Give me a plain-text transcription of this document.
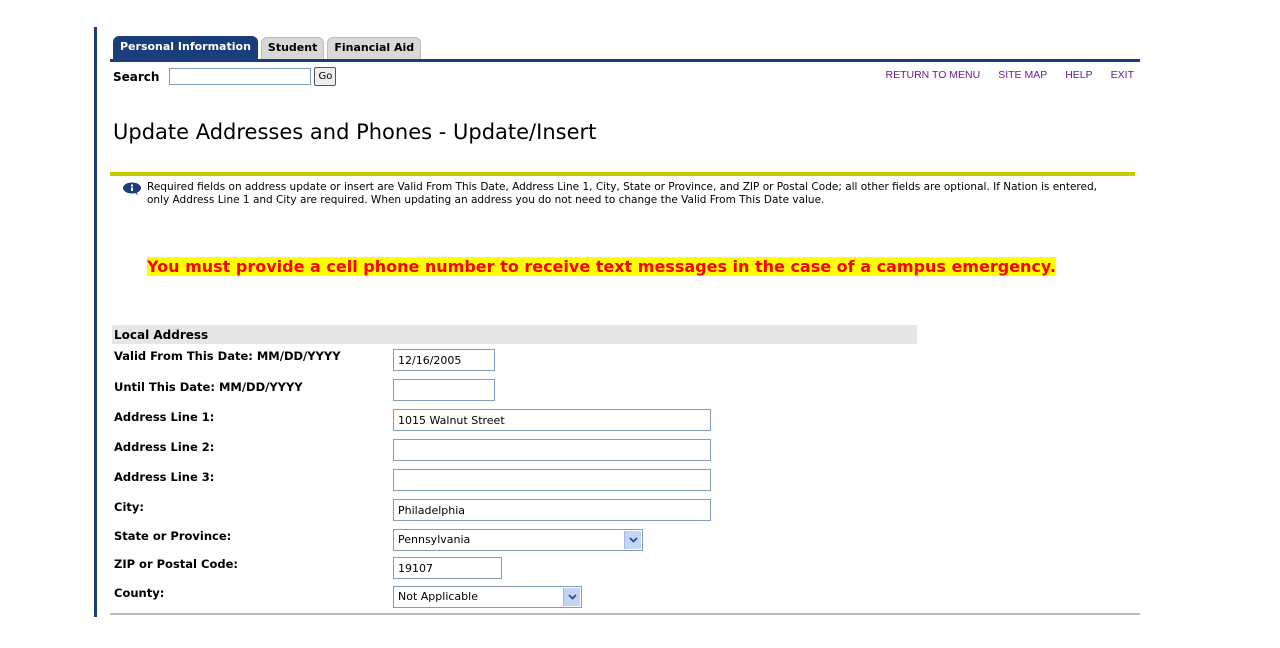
Personal Information	Student	Financial Aid
Search	Go	RETURN TO MENU SITE MAP HELP EXIT
Update Addresses and Phones - Update/Insert
Required fields on address update or insert are Valid From This Date, Address Line 1, City, State or Province, and ZIP or Postal Code; all other fields are optional. If Nation is entered, only Address Line 1 and City are required. When updating an address you do not need to change the Valid From This Date value.
You must provide a cell phone number to receive text messages in the case of a campus emergency.
Local Address
Valid From This Date: MM/DD/YYYY
12/16/2005
Until This Date: MM/DD/YYYY
Address Line 1:
1015 Walnut Street
Address Line 2:
Address Line 3:
City:
Philadelphia
State or Province:	Pennsylvania
ZIP or Postal Code:
19107
County:	Not Applicable
